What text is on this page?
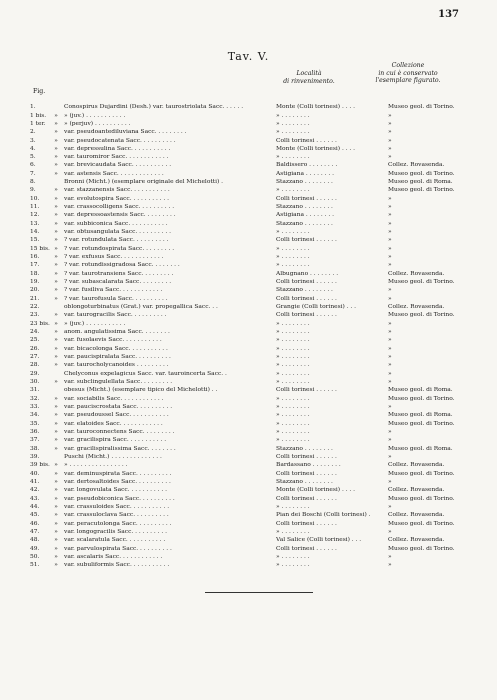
137
Tav. V.
Fig.
Località
di rinvenimento.
Collezione
in cui è conservato
l'esemplare figurato.
1.	Conospirus Dujardini (Desh.) var. taurostriolata Sacc. . . . . .	Monte (Colli torinesi) . . . .	Museo geol. di Torino.
1 bis.	»	» (juv.) . . . . . . . . . . .	» . . . . . . . .	»
1 ter.	»	» (perjuv) . . . . . . . . . .	» . . . . . . . .	»
2.	»	var. pseudoantediluviana Sacc. . . . . . . . .	» . . . . . . . .	»
3.	»	var. pseudocatenata Sacc. . . . . . . . . .	Colli torinesi . . . . . .	»
4.	»	var. depressulina Sacc. . . . . . . . . . .	Monte (Colli torinesi) . . . .	»
5.	»	var. tauromiror Sacc. . . . . . . . . . . .	» . . . . . . . .	»
6.	»	var. brevicaudata Sacc. . . . . . . . . . .	Baldissero . . . . . . . .	Collez. Rovasenda.
7.	»	var. astensis Sacc. . . . . . . . . . . . .	Astigiana . . . . . . . .	Museo geol. di Torino.
8.	Bronni (Micht.) (esemplare originale del Michelotti) .	Stazzano . . . . . . . .	Museo geol. di Roma.
9.	»	var. stazzanensis Sacc. . . . . . . . . . .	» . . . . . . . .	Museo geol. di Torino.
10.	»	var. evolutospira Sacc. . . . . . . . . . .	Colli torinesi . . . . . .	»
11.	»	var. crassocolligens Sacc. . . . . . . . . .	Stazzano . . . . . . . .	»
12.	»	var. depressoastensis Sacc. . . . . . . . .	Astigiana . . . . . . . .	»
13.	»	var. subbiconica Sacc. . . . . . . . . . .	Stazzano . . . . . . . .	»
14.	»	var. obtusangulata Sacc. . . . . . . . . .	» . . . . . . . .	»
15.	»	? var. rotundulata Sacc. . . . . . . . . .	Colli torinesi . . . . . .	»
15 bis. »	? var. rotundospirata Sacc. . . . . . . . .	» . . . . . . . .	»
16.	»	? var. exfusus Sacc. . . . . . . . . . . .	» . . . . . . . .	»
17.	»	? var. rotundissigradosa Sacc. . . . . . . .	» . . . . . . . .	»
18.	»	? var. taurotransiens Sacc. . . . . . . . .	Albugnano . . . . . . . .	Collez. Rovasenda.
19.	»	? var. subascalarata Sacc. . . . . . . . .	Colli torinesi . . . . . .	Museo geol. di Torino.
20.	»	? var. fusiliva Sacc. . . . . . . . . . . .	Stazzano . . . . . . . .	»
21.	»	? var. taurofusula Sacc. . . . . . . . . .	Colli torinesi . . . . . .	»
22.	oblongoturbinatus (Grat.) var. propegallica Sacc. . .	Grangie (Colli torinesi) . . .	Collez. Rovasenda.
23.	»	var. taurogracilis Sacc. . . . . . . . . .	Colli torinesi . . . . . .	Museo geol. di Torino.
23 bis. »	» (juv.) . . . . . . . . . . .	» . . . . . . . .	»
24.	»	anom. angulatissima Sacc. . . . . . . .	» . . . . . . . .	»
25.	»	var. fusolaevis Sacc. . . . . . . . . . .	» . . . . . . . .	»
26.	»	var. bicacolonga Sacc. . . . . . . . . . .	» . . . . . . . .	»
27.	»	var. paucispiralata Sacc. . . . . . . . . .	» . . . . . . . .	»
28.	»	var. taurocholycanoides . . . . . . . . .	» . . . . . . . .	»
29.	Chelyconus expelagicus Sacc. var. tauroincerta Sacc. .	» . . . . . . . .	»
30.	»	var. subclingulellata Sacc. . . . . . . . .	» . . . . . . . .	»
31.	obesus (Micht.) (esemplare tipico del Michelotti) . .	Colli torinesi . . . . . .	Museo geol. di Roma.
32.	»	var. sociabilis Sacc. . . . . . . . . . . .	» . . . . . . . .	Museo geol. di Torino.
33.	»	var. pauciscrostata Sacc. . . . . . . . . .	» . . . . . . . .	»
34.	»	var. pseudoussel Sacc. . . . . . . . . . .	» . . . . . . . .	Museo geol. di Roma.
35.	»	var. elatoides Sacc. . . . . . . . . . . .	» . . . . . . . .	Museo geol. di Torino.
36.	»	var. tauroconnectens Sacc. . . . . . . . .	» . . . . . . . .	»
37.	»	var. gracilispira Sacc. . . . . . . . . . .	» . . . . . . . .	»
38.	»	var. gracilispiralissima Sacc. . . . . . . .	Stazzano . . . . . . . .	Museo geol. di Roma.
39.	Puschi (Micht.) . . . . . . . . . . . . . .	Colli torinesi . . . . . .	»
39 bis. »	» . . . . . . . . . . . . . . . .	Bardassano . . . . . . . .	Collez. Rovasenda.
40.	»	var. deminuspirata Sacc. . . . . . . . . .	Colli torinesi . . . . . .	Museo geol. di Torino.
41.	»	var. dertosaltoides Sacc. . . . . . . . . .	Stazzano . . . . . . . .	»
42.	»	var. longovulata Sacc. . . . . . . . . . .	Monte (Colli torinesi) . . . .	Collez. Rovasenda.
43.	»	var. pseudobiconica Sacc. . . . . . . . . .	Colli torinesi . . . . . .	Museo geol. di Torino.
44.	»	var. crassuloides Sacc. . . . . . . . . . .	» . . . . . . . .	»
45.	»	var. crassuloclava Sacc. . . . . . . . . .	Pian dei Boschi (Colli torinesi) .	Collez. Rovasenda.
46.	»	var. peracutolonga Sacc. . . . . . . . . .	Colli torinesi . . . . . .	Museo geol. di Torino.
47.	»	var. longogracilis Sacc. . . . . . . . . .	» . . . . . . . .	»
48.	»	var. scalaratula Sacc. . . . . . . . . . .	Val Salice (Colli torinesi) . . .	Collez. Rovasenda.
49.	»	var. parvulospirata Sacc. . . . . . . . . .	Colli torinesi . . . . . .	Museo geol. di Torino.
50.	»	var. ascalaris Sacc. . . . . . . . . . . .	» . . . . . . . .	»
51.	»	var. subuliformis Sacc. . . . . . . . . . .	» . . . . . . . .	»
